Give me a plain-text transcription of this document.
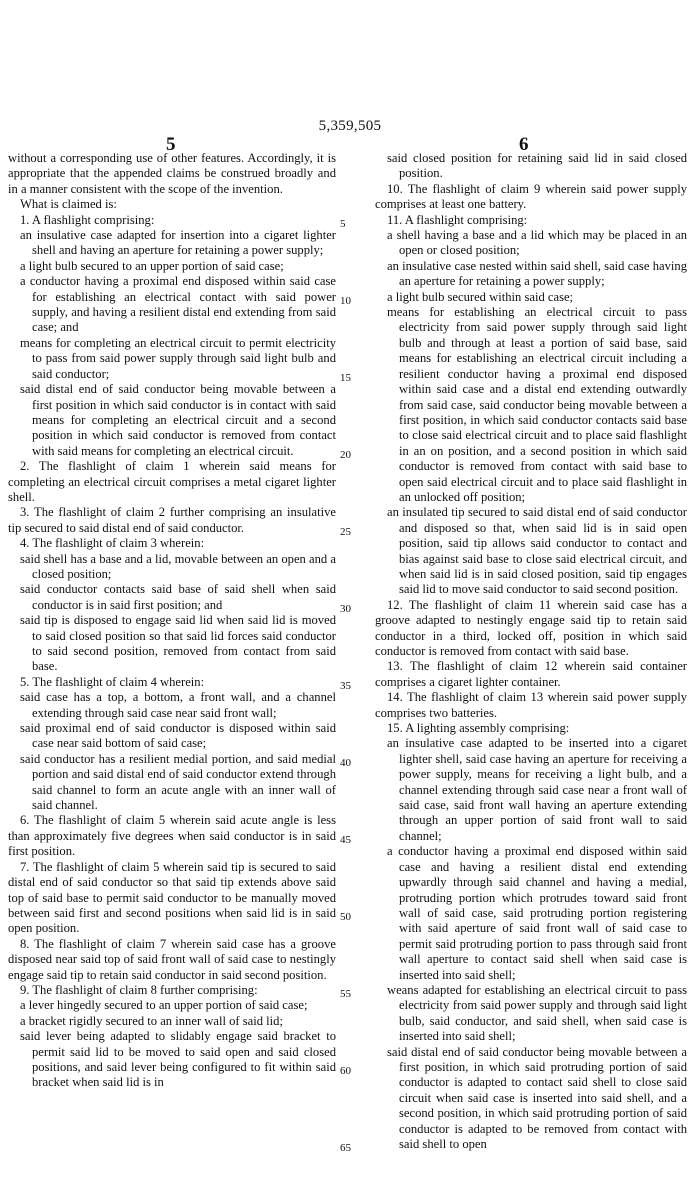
5,359,505
5	6
without a corresponding use of other features. Accordingly, it is appropriate that the appended claims be construed broadly and in a manner consistent with the scope of the invention.
What is claimed is:
1. A flashlight comprising:
an insulative case adapted for insertion into a cigaret lighter shell and having an aperture for retaining a power supply;
a light bulb secured to an upper portion of said case;
a conductor having a proximal end disposed within said case for establishing an electrical contact with said power supply, and having a resilient distal end extending from said case; and
means for completing an electrical circuit to permit electricity to pass from said power supply through said light bulb and said conductor;
said distal end of said conductor being movable between a first position in which said conductor is in contact with said means for completing an electrical circuit and a second position in which said conductor is removed from contact with said means for completing an electrical circuit.
2. The flashlight of claim 1 wherein said means for completing an electrical circuit comprises a metal cigaret lighter shell.
3. The flashlight of claim 2 further comprising an insulative tip secured to said distal end of said conductor.
4. The flashlight of claim 3 wherein:
said shell has a base and a lid, movable between an open and a closed position;
said conductor contacts said base of said shell when said conductor is in said first position; and
said tip is disposed to engage said lid when said lid is moved to said closed position so that said lid forces said conductor to said second position, removed from contact from said base.
5. The flashlight of claim 4 wherein:
said case has a top, a bottom, a front wall, and a channel extending through said case near said front wall;
said proximal end of said conductor is disposed within said case near said bottom of said case;
said conductor has a resilient medial portion, and said medial portion and said distal end of said conductor extend through said channel to form an acute angle with an inner wall of said channel.
6. The flashlight of claim 5 wherein said acute angle is less than approximately five degrees when said conductor is in said first position.
7. The flashlight of claim 5 wherein said tip is secured to said distal end of said conductor so that said tip extends above said top of said base to permit said conductor to be manually moved between said first and second positions when said lid is in said open position.
8. The flashlight of claim 7 wherein said case has a groove disposed near said top of said front wall of said case to nestingly engage said tip to retain said conductor in said second position.
9. The flashlight of claim 8 further comprising:
a lever hingedly secured to an upper portion of said case;
a bracket rigidly secured to an inner wall of said lid;
said lever being adapted to slidably engage said bracket to permit said lid to be moved to said open and said closed positions, and said lever being configured to fit within said bracket when said lid is in
said closed position for retaining said lid in said closed position.
10. The flashlight of claim 9 wherein said power supply comprises at least one battery.
11. A flashlight comprising:
a shell having a base and a lid which may be placed in an open or closed position;
an insulative case nested within said shell, said case having an aperture for retaining a power supply;
a light bulb secured within said case;
means for establishing an electrical circuit to pass electricity from said power supply through said light bulb and through at least a portion of said base, said means for establishing an electrical circuit including a resilient conductor having a proximal end disposed within said case and a distal end extending outwardly from said case, said conductor being movable between a first position, in which said conductor contacts said base to close said electrical circuit and to place said flashlight in an on position, and a second position in which said conductor is removed from contact with said base to open said electrical circuit and to place said flashlight in an unlocked off position;
an insulated tip secured to said distal end of said conductor and disposed so that, when said lid is in said open position, said tip allows said conductor to contact and bias against said base to close said electrical circuit, and when said lid is in said closed position, said tip engages said lid to move said conductor to said second position.
12. The flashlight of claim 11 wherein said case has a groove adapted to nestingly engage said tip to retain said conductor in a third, locked off, position in which said conductor is removed from contact with said base.
13. The flashlight of claim 12 wherein said container comprises a cigaret lighter container.
14. The flashlight of claim 13 wherein said power supply comprises two batteries.
15. A lighting assembly comprising:
an insulative case adapted to be inserted into a cigaret lighter shell, said case having an aperture for receiving a power supply, means for receiving a light bulb, and a channel extending through said case near a front wall of said case, said front wall having an aperture extending through an upper portion of said front wall to said channel;
a conductor having a proximal end disposed within said case and having a resilient distal end extending upwardly through said channel and having a medial, protruding portion which protrudes toward said front wall of said case, said protruding portion registering with said aperture of said front wall of said case to permit said protruding portion to pass through said front wall aperture to contact said shell when said case is inserted into said shell;
weans adapted for establishing an electrical circuit to pass electricity from said power supply and through said light bulb, said conductor, and said shell, when said case is inserted into said shell;
said distal end of said conductor being movable between a first position, in which said protruding portion of said conductor is adapted to contact said shell to close said circuit when said case is inserted into said shell, and a second position, in which said protruding portion of said conductor is adapted to be removed from contact with said shell to open
5
10
15
20
25
30
35
40
45
50
55
60
65
